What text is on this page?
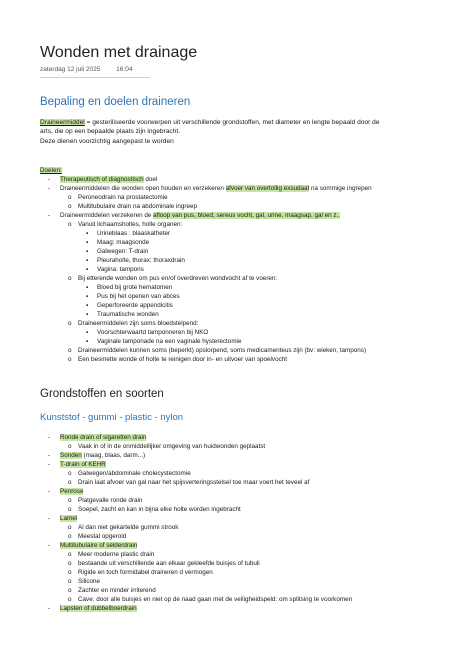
Wonden met drainage
zaterdag 12 juli 2025 16:04
Bepaling en doelen draineren
Draineermiddel = gesteriliseerde voorwerpen uit verschillende grondstoffen, met diameter en lengte bepaald door de
arts, die op een bepaalde plaats zijn ingebracht.
Deze dienen voorzichtig aangepast te worden
Doelen:
- Therapeutisch of diagnostisch doel
- Draineermiddelen die wonden open houden en verzekeren afvoer van overtollig exsudaat na sommige ingrepen
o Peroneodrain na prostatectomie
o Multitubulaire drain na abdominale ingreep
- Draineermiddelen verzekeren de afloop van pus, bloed, sereus vocht, gal, urine, maagsap, gal en z..
o Vanuit lichaamsholtes, holle organen:
▪ Urineblaas : blaaskatheter
▪ Maag: maagsonde
▪ Galwegen: T-drain
▪ Pleuraholte, thorax: thoraxdrain
▪ Vagina: tampons
o Bij etterende wonden om pus en/of overdreven wondvocht af te voeren:
▪ Bloed bij grote hematomen
▪ Pus bij het openen van abces
▪ Geperforeerde appendicitis
▪ Traumatische wonden
o Draineermiddelen zijn soms bloedstelpend:
▪ Voorschterwaartd tamponneren bij NKO
▪ Vaginale tamponade na een vaginale hysterectomie
o Draineermiddelen kunnen soms (beperkt) opslorpend, soms medicamenteus zijn (bv: wieken, tampons)
o Een besmette wonde of holte te reinigen door in- en uitvoer van spoelvocht
Grondstoffen en soorten
Kunststof - gummi - plastic - nylon
- Ronde drain of sigaretten drain
o Vaak in of in de onmiddellijker omgeving van huidwonden geplaatst
- Sonden (maag, blaas, darm...)
- T-drain of KEHR
o Galwegen/abdominale cholecystectomie
o Drain laat afvoer van gal naar het spijsverteringsstelsel toe maar voert het teveel af
- Penrose
o Platgevalle ronde drain
o Soepel, zacht en kan in bijna elke holte worden ingebracht
- Lamel
o Al dan niet gekartelde gummi strook
o Meestal opgerold
- Multitubulaire of selderdrain
o Meer moderne plastic drain
o bestaande uit verschillende aan elkaar gekleefde buisjes of tubuli
o Rigide en toch formidabel draineren d vermogen
o Silicone
o Zachter en minder irriterend
o Cave: door alle buisjes en niet op de naad gaan met de veiligheidspeld: om splitsing te voorkomen
- Lapsten of dubbelboerdrain
